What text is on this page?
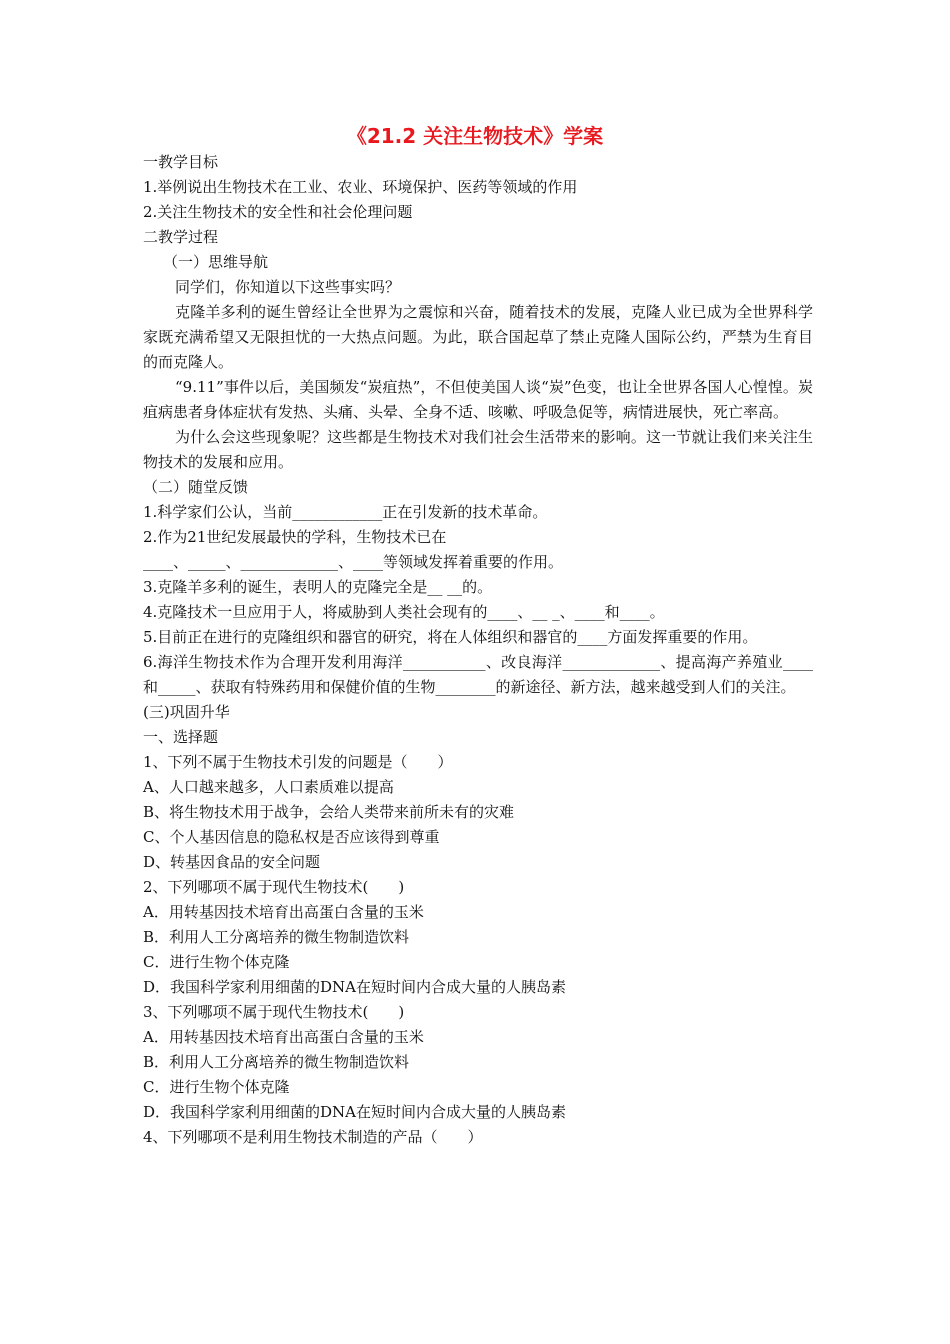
《21.2 关注生物技术》学案
一教学目标
1.举例说出生物技术在工业、农业、环境保护、医药等领域的作用
2.关注生物技术的安全性和社会伦理问题
二教学过程
（一）思维导航
同学们，你知道以下这些事实吗？
克隆羊多利的诞生曾经让全世界为之震惊和兴奋，随着技术的发展，克隆人业已成为全世界科学家既充满希望又无限担忧的一大热点问题。为此，联合国起草了禁止克隆人国际公约，严禁为生育目的而克隆人。
“9.11”事件以后，美国频发“炭疽热”，不但使美国人谈“炭”色变，也让全世界各国人心惶惶。炭疽病患者身体症状有发热、头痛、头晕、全身不适、咳嗽、呼吸急促等，病情进展快，死亡率高。
为什么会这些现象呢？这些都是生物技术对我们社会生活带来的影响。这一节就让我们来关注生物技术的发展和应用。
（二）随堂反馈
1.科学家们公认，当前____________正在引发新的技术革命。
2.作为21世纪发展最快的学科，生物技术已在
____、_____、_____________、____等领域发挥着重要的作用。
3.克隆羊多利的诞生，表明人的克隆完全是__ __的。
4.克隆技术一旦应用于人，将威胁到人类社会现有的____、__ _、____和____。
5.目前正在进行的克隆组织和器官的研究，将在人体组织和器官的____方面发挥重要的作用。
6.海洋生物技术作为合理开发利用海洋___________、改良海洋_____________、提高海产养殖业____和_____、获取有特殊药用和保健价值的生物________的新途径、新方法，越来越受到人们的关注。
(三)巩固升华
一、选择题
1、下列不属于生物技术引发的问题是（　　）
A、人口越来越多，人口素质难以提高
B、将生物技术用于战争，会给人类带来前所未有的灾难
C、个人基因信息的隐私权是否应该得到尊重
D、转基因食品的安全问题
2、下列哪项不属于现代生物技术(　　)
A．用转基因技术培育出高蛋白含量的玉米
B．利用人工分离培养的微生物制造饮料
C．进行生物个体克隆
D．我国科学家利用细菌的DNA在短时间内合成大量的人胰岛素
3、下列哪项不属于现代生物技术(　　)
A．用转基因技术培育出高蛋白含量的玉米
B．利用人工分离培养的微生物制造饮料
C．进行生物个体克隆
D．我国科学家利用细菌的DNA在短时间内合成大量的人胰岛素
4、下列哪项不是利用生物技术制造的产品（　　）
